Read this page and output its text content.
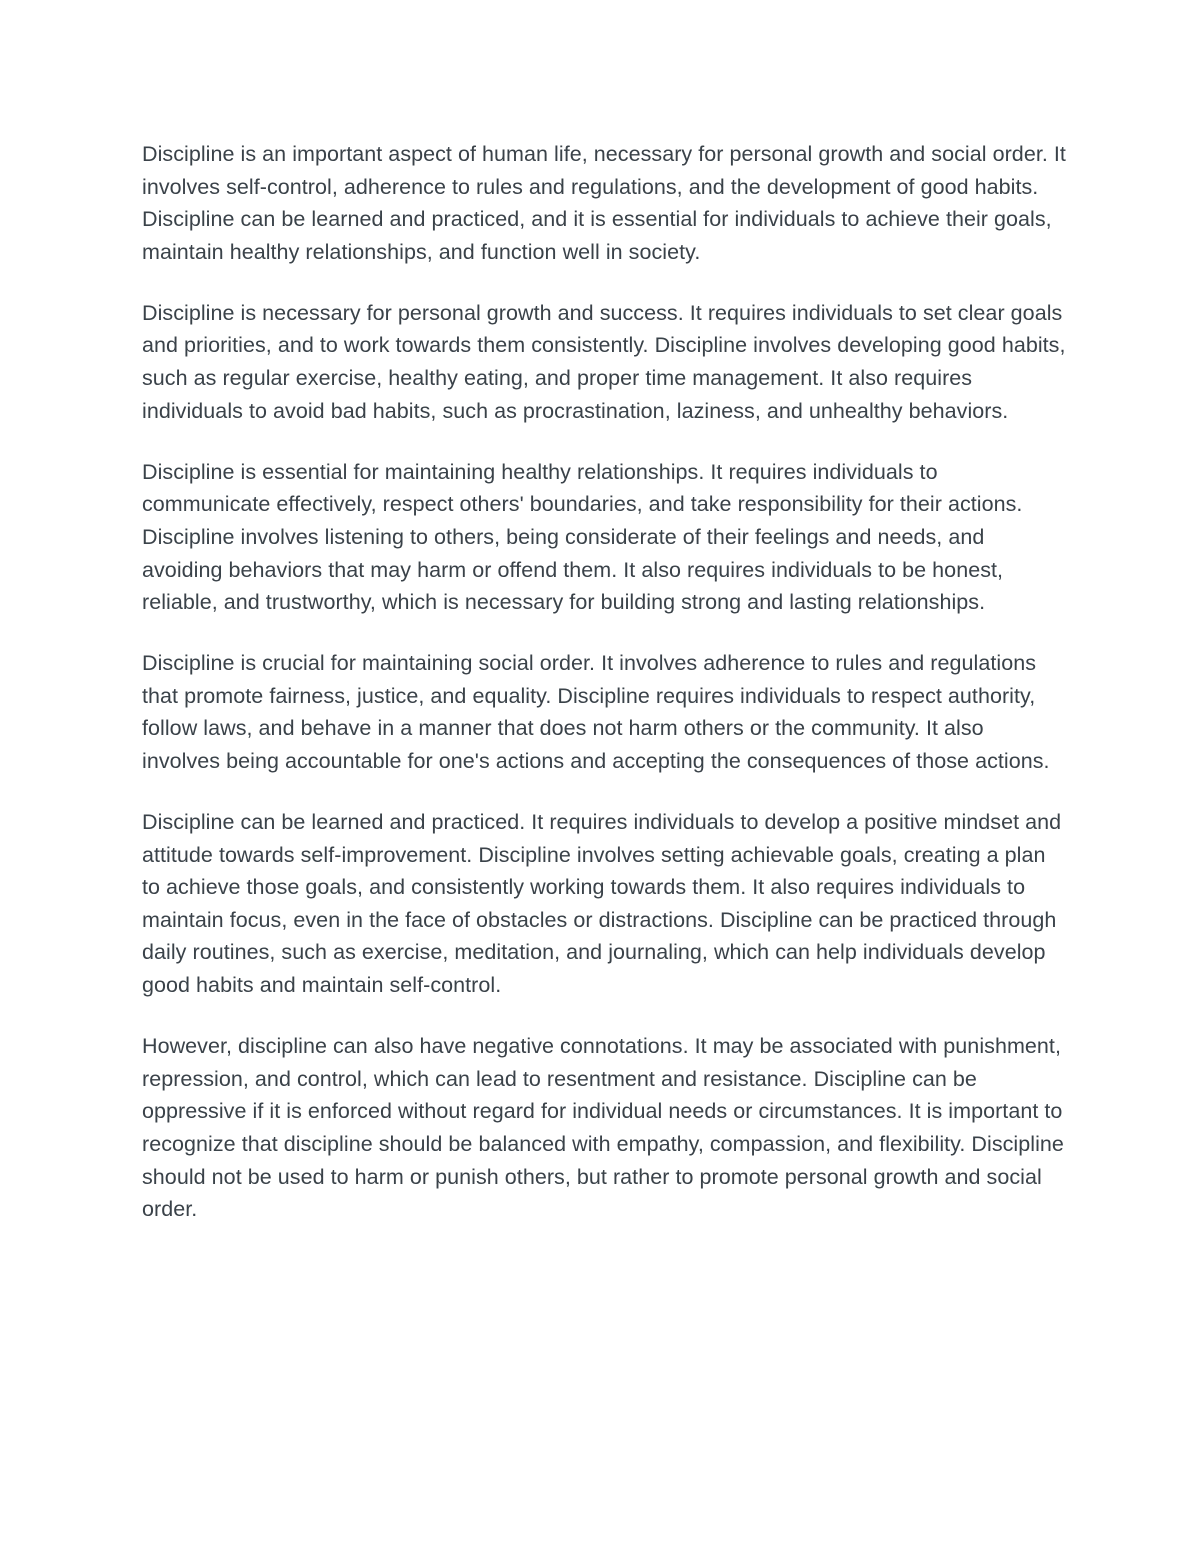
Discipline is an important aspect of human life, necessary for personal growth and social order. It involves self-control, adherence to rules and regulations, and the development of good habits. Discipline can be learned and practiced, and it is essential for individuals to achieve their goals, maintain healthy relationships, and function well in society.

Discipline is necessary for personal growth and success. It requires individuals to set clear goals and priorities, and to work towards them consistently. Discipline involves developing good habits, such as regular exercise, healthy eating, and proper time management. It also requires individuals to avoid bad habits, such as procrastination, laziness, and unhealthy behaviors.

Discipline is essential for maintaining healthy relationships. It requires individuals to communicate effectively, respect others' boundaries, and take responsibility for their actions. Discipline involves listening to others, being considerate of their feelings and needs, and avoiding behaviors that may harm or offend them. It also requires individuals to be honest, reliable, and trustworthy, which is necessary for building strong and lasting relationships.

Discipline is crucial for maintaining social order. It involves adherence to rules and regulations that promote fairness, justice, and equality. Discipline requires individuals to respect authority, follow laws, and behave in a manner that does not harm others or the community. It also involves being accountable for one's actions and accepting the consequences of those actions.

Discipline can be learned and practiced. It requires individuals to develop a positive mindset and attitude towards self-improvement. Discipline involves setting achievable goals, creating a plan to achieve those goals, and consistently working towards them. It also requires individuals to maintain focus, even in the face of obstacles or distractions. Discipline can be practiced through daily routines, such as exercise, meditation, and journaling, which can help individuals develop good habits and maintain self-control.

However, discipline can also have negative connotations. It may be associated with punishment, repression, and control, which can lead to resentment and resistance. Discipline can be oppressive if it is enforced without regard for individual needs or circumstances. It is important to recognize that discipline should be balanced with empathy, compassion, and flexibility. Discipline should not be used to harm or punish others, but rather to promote personal growth and social order.
